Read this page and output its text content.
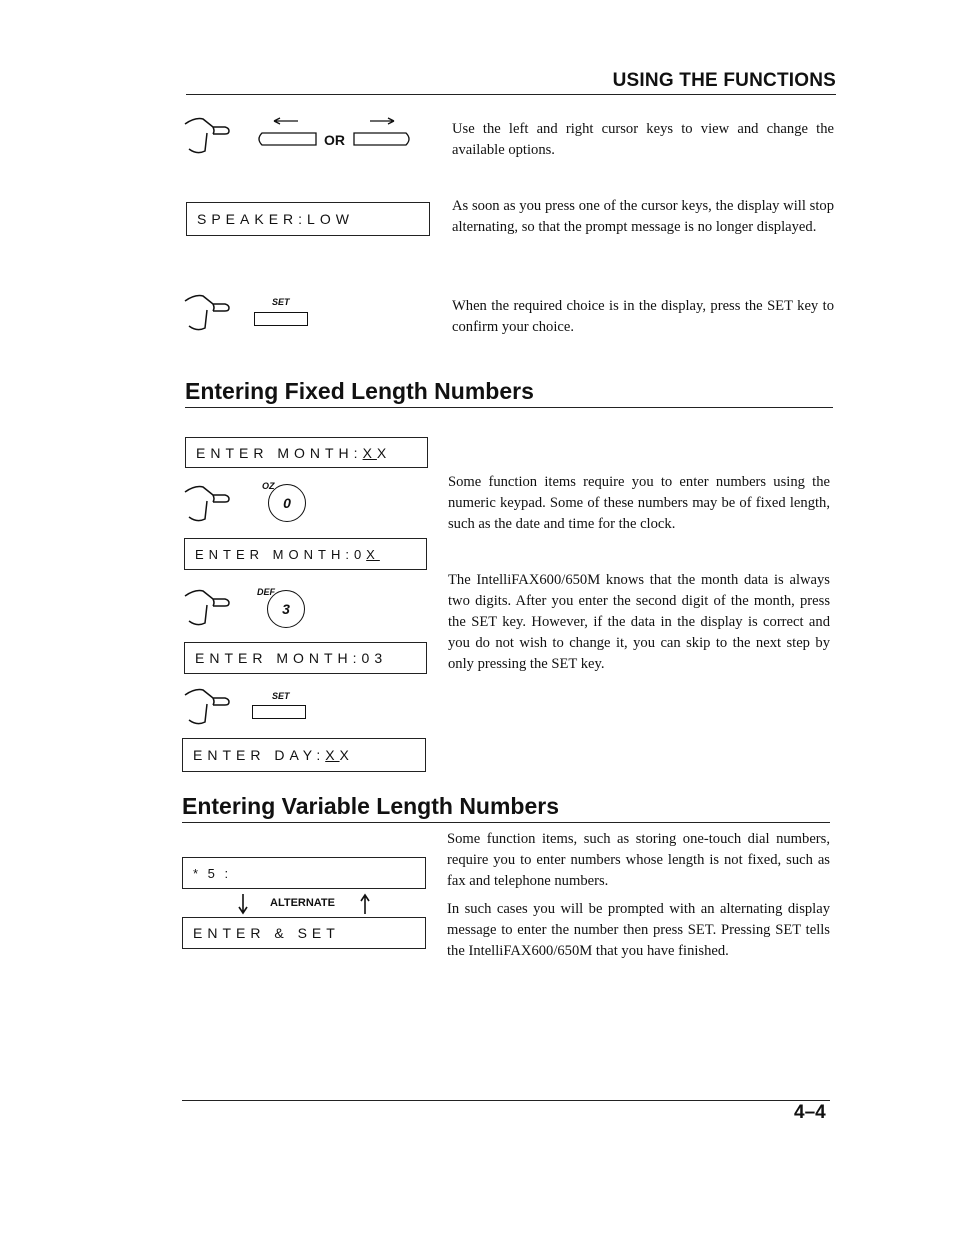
USING THE FUNCTIONS
OR
Use the left and right cursor keys to view and change the available options.
SPEAKER:LOW
As soon as you press one of the cursor keys, the display will stop alternating, so that the prompt message is no longer displayed.
SET	When the required choice is in the display, press the SET key to confirm your choice.
Entering Fixed Length Numbers
ENTER MONTH: X X
OZ
0
Some function items require you to enter numbers using the numeric keypad. Some of these numbers may be of fixed length, such as the date and time for the clock.
ENTER MONTH:0 X
DEF
3
The IntelliFAX600/650M knows that the month data is always two digits. After you enter the second digit of the month, press the SET key. However, if the data in the display is correct and you do not wish to change it, you can skip to the next step by only pressing the SET key.
ENTER MONTH:03
SET
ENTER DAY: X X
Entering Variable Length Numbers
Some function items, such as storing one-touch dial numbers, require you to enter numbers whose length is not fixed, such as fax and telephone numbers.
* 5 :
ALTERNATE	In such cases you will be prompted with an alternating display message to enter the number then press SET. Pressing SET tells the IntelliFAX600/650M that you have finished.
ENTER & SET
4–4
